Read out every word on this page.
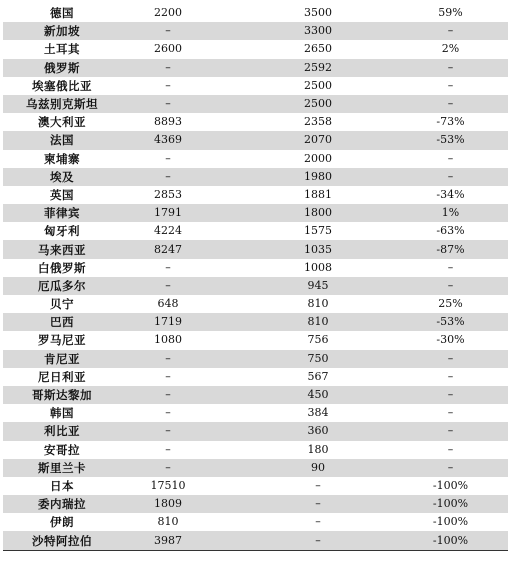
德国	2200	3500	59%
新加坡	–	3300	–
土耳其	2600	2650	2%
俄罗斯	–	2592	–
埃塞俄比亚	–	2500	–
乌兹别克斯坦	–	2500	–
澳大利亚	8893	2358	-73%
法国	4369	2070	-53%
柬埔寨	–	2000	–
埃及	–	1980	–
英国	2853	1881	-34%
菲律宾	1791	1800	1%
匈牙利	4224	1575	-63%
马来西亚	8247	1035	-87%
白俄罗斯	–	1008	–
厄瓜多尔	–	945	–
贝宁	648	810	25%
巴西	1719	810	-53%
罗马尼亚	1080	756	-30%
肯尼亚	–	750	–
尼日利亚	–	567	–
哥斯达黎加	–	450	–
韩国	–	384	–
利比亚	–	360	–
安哥拉	–	180	–
斯里兰卡	–	90	–
日本	17510	–	-100%
委内瑞拉	1809	–	-100%
伊朗	810	–	-100%
沙特阿拉伯	3987	–	-100%
